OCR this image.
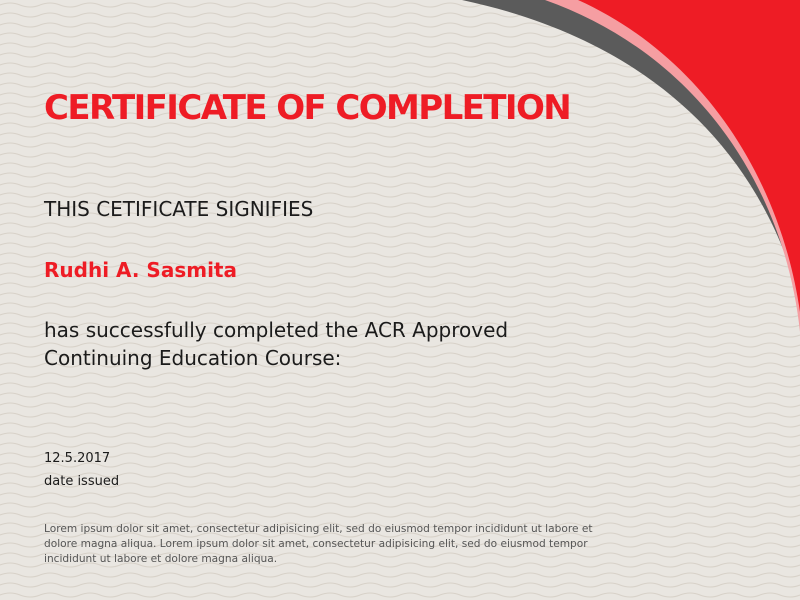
CERTIFICATE OF COMPLETION
THIS CETIFICATE SIGNIFIES
Rudhi A. Sasmita
has successfully completed the ACR Approved
Continuing Education Course:
12.5.2017
date issued
Lorem ipsum dolor sit amet, consectetur adipisicing elit, sed do eiusmod tempor incididunt ut labore et
dolore magna aliqua. Lorem ipsum dolor sit amet, consectetur adipisicing elit, sed do eiusmod tempor
incididunt ut labore et dolore magna aliqua.
